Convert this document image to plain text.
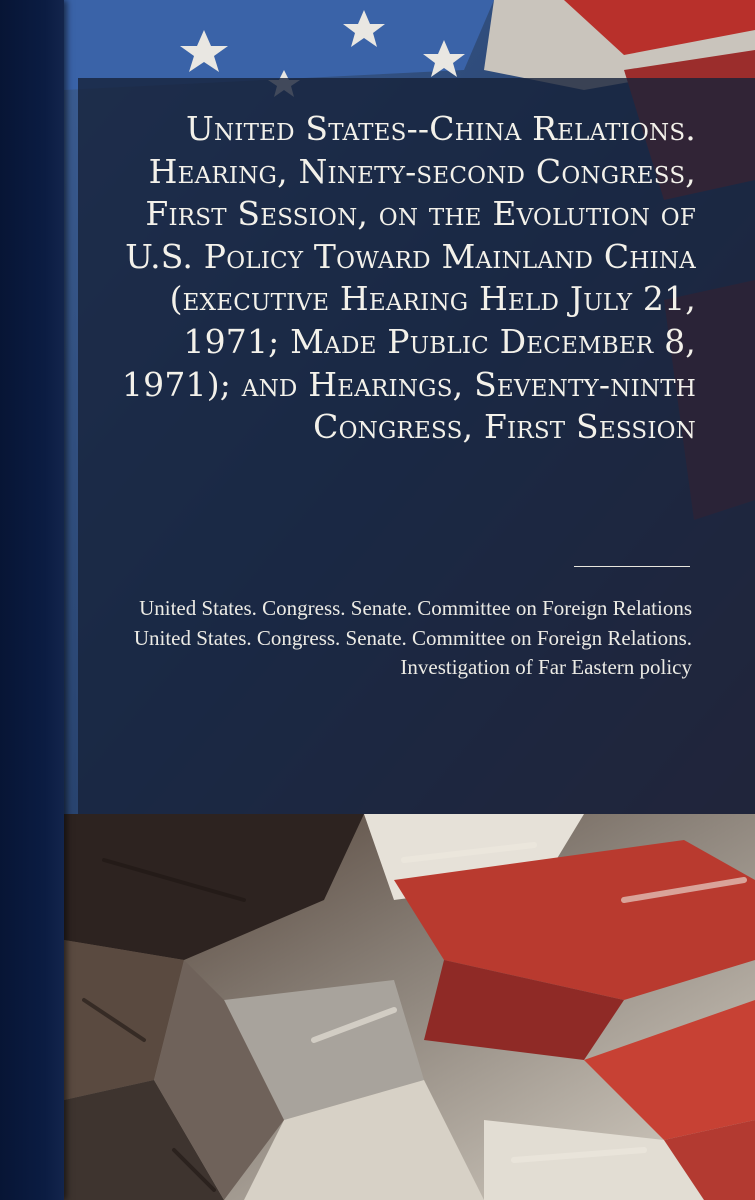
United States--China Relations. Hearing, Ninety-second Congress, First Session, on the Evolution of U.S. Policy Toward Mainland China (executive Hearing Held July 21, 1971; Made Public December 8, 1971); and Hearings, Seventy-ninth Congress, First Session
United States. Congress. Senate. Committee on Foreign Relations
United States. Congress. Senate. Committee on Foreign Relations. Investigation of Far Eastern policy
